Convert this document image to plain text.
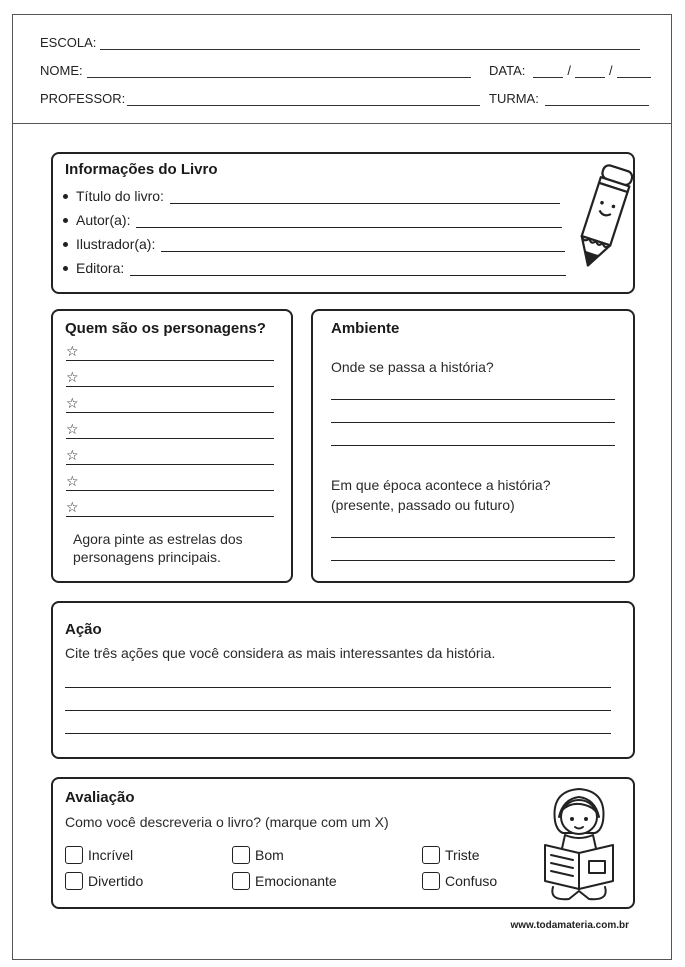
ESCOLA:
NOME:	DATA:	/	/
PROFESSOR:	TURMA:
Informações do Livro
Título do livro:
Autor(a):
Ilustrador(a):
Editora:
Quem são os personagens?
☆
☆
☆
☆
☆
☆
☆
Agora pinte as estrelas dos
personagens principais.
Ambiente
Onde se passa a história?
Em que época acontece a história?
(presente, passado ou futuro)
Ação
Cite três ações que você considera as mais interessantes da história.
Avaliação
Como você descreveria o livro? (marque com um X)
Incrível	Bom	Triste
Divertido	Emocionante	Confuso
www.todamateria.com.br
